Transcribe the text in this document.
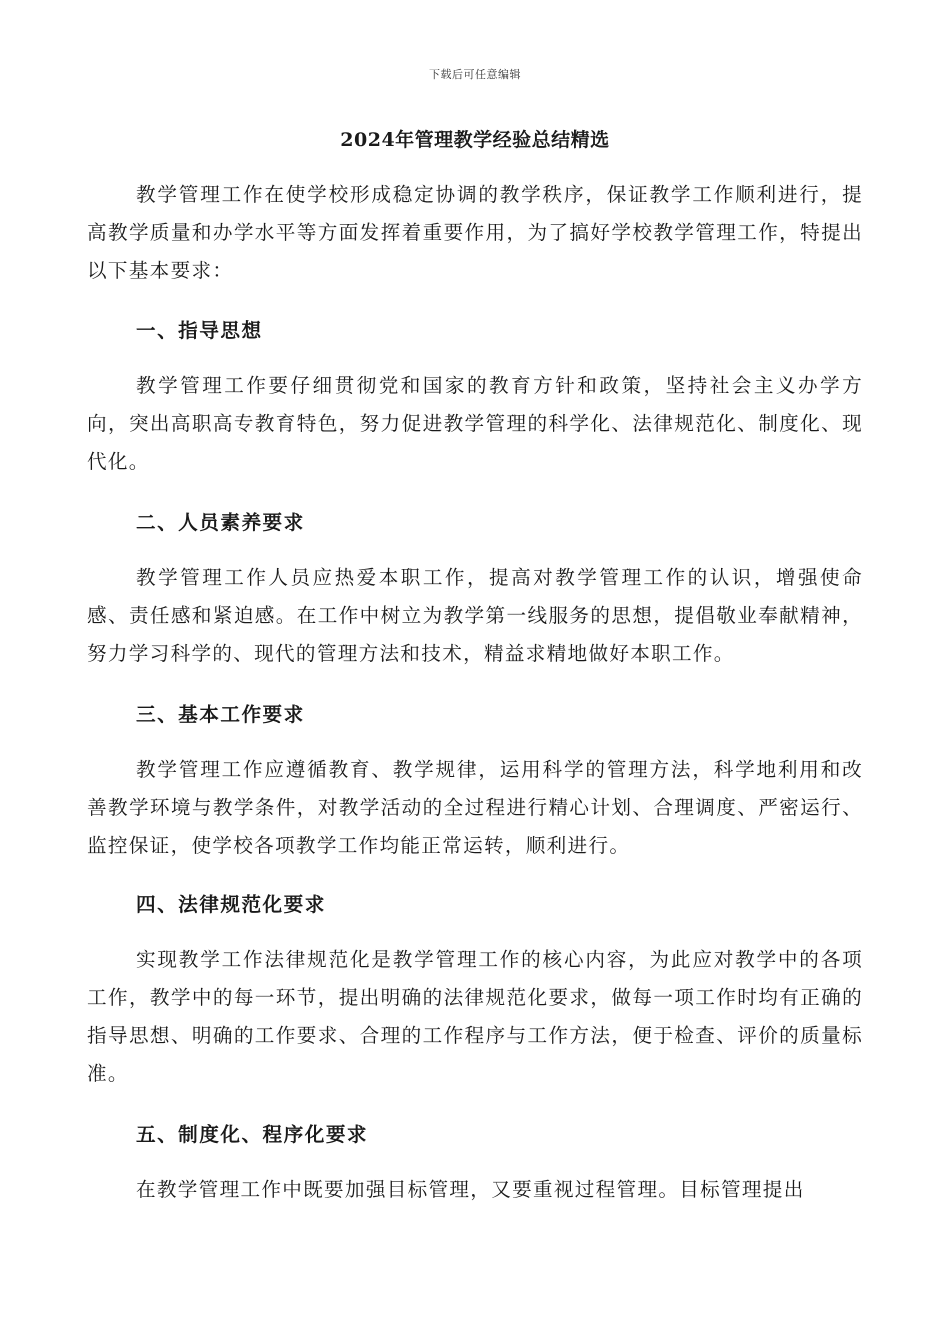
下载后可任意编辑
2024年管理教学经验总结精选

教学管理工作在使学校形成稳定协调的教学秩序，保证教学工作顺利进行，提高教学质量和办学水平等方面发挥着重要作用，为了搞好学校教学管理工作，特提出以下基本要求：

一、指导思想

教学管理工作要仔细贯彻党和国家的教育方针和政策，坚持社会主义办学方向，突出高职高专教育特色，努力促进教学管理的科学化、法律规范化、制度化、现代化。

二、人员素养要求

教学管理工作人员应热爱本职工作，提高对教学管理工作的认识，增强使命感、责任感和紧迫感。在工作中树立为教学第一线服务的思想，提倡敬业奉献精神，努力学习科学的、现代的管理方法和技术，精益求精地做好本职工作。

三、基本工作要求

教学管理工作应遵循教育、教学规律，运用科学的管理方法，科学地利用和改善教学环境与教学条件，对教学活动的全过程进行精心计划、合理调度、严密运行、监控保证，使学校各项教学工作均能正常运转，顺利进行。

四、法律规范化要求

实现教学工作法律规范化是教学管理工作的核心内容，为此应对教学中的各项工作，教学中的每一环节，提出明确的法律规范化要求，做每一项工作时均有正确的指导思想、明确的工作要求、合理的工作程序与工作方法，便于检查、评价的质量标准。

五、制度化、程序化要求

在教学管理工作中既要加强目标管理，又要重视过程管理。目标管理提出
